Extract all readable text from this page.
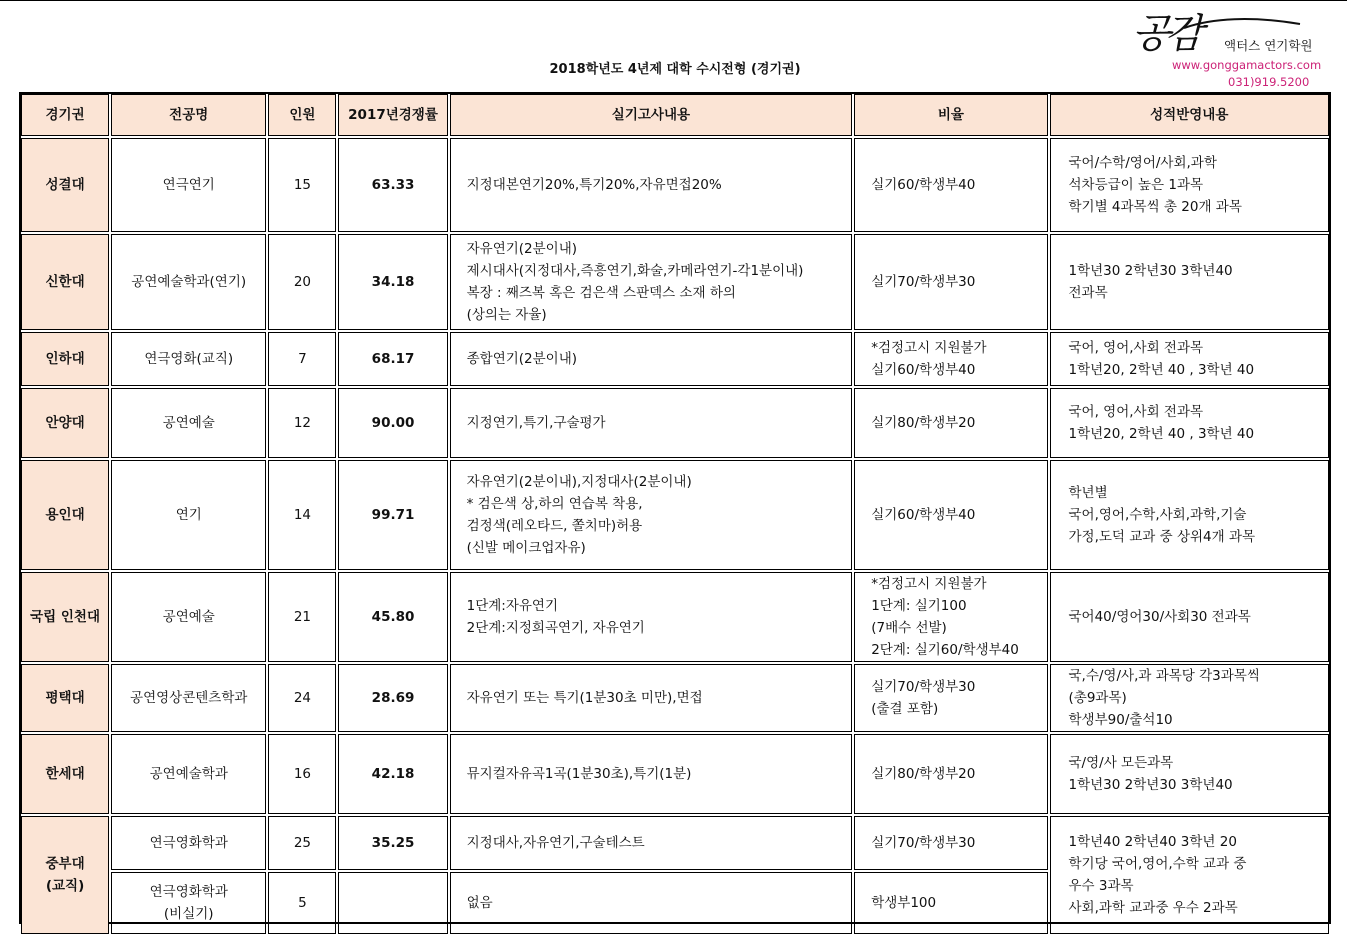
2018학년도 4년제 대학 수시전형 (경기권)
공감 액터스 연기학원
www.gonggamactors.com
031)919.5200
경기권	전공명	인원	2017년경쟁률	실기고사내용	비율	성적반영내용
성결대	연극연기	15	63.33	지정대본연기20%,특기20%,자유면접20%	실기60/학생부40	국어/수학/영어/사회,과학
석차등급이 높은 1과목
학기별 4과목씩 총 20개 과목

신한대	공연예술학과(연기)	20	34.18	자유연기(2분이내)
제시대사(지정대사,즉흥연기,화술,카메라연기-각1분이내)
복장 : 째즈복 혹은 검은색 스판덱스 소재 하의
(상의는 자율)	실기70/학생부30	1학년30 2학년30 3학년40
전과목

인하대	연극영화(교직)	7	68.17	종합연기(2분이내)	*검정고시 지원불가
실기60/학생부40	국어, 영어,사회 전과목
1학년20, 2학년 40 , 3학년 40

안양대	공연예술	12	90.00	지정연기,특기,구술평가	실기80/학생부20	국어, 영어,사회 전과목
1학년20, 2학년 40 , 3학년 40

용인대	연기	14	99.71	자유연기(2분이내),지정대사(2분이내)
* 검은색 상,하의 연습복 착용,
검정색(레오타드, 쫄치마)허용
(신발 메이크업자유)	실기60/학생부40	학년별
국어,영어,수학,사회,과학,기술
가정,도덕 교과 중 상위4개 과목

국립 인천대	공연예술	21	45.80	1단계:자유연기
2단계:지정희곡연기, 자유연기	*검정고시 지원불가
1단계: 실기100
(7배수 선발)
2단계: 실기60/학생부40	국어40/영어30/사회30 전과목

평택대	공연영상콘텐츠학과	24	28.69	자유연기 또는 특기(1분30초 미만),면접	실기70/학생부30
(출결 포함)	국,수/영/사,과 과목당 각3과목씩
(총9과목)
학생부90/출석10

한세대	공연예술학과	16	42.18	뮤지컬자유곡1곡(1분30초),특기(1분)	실기80/학생부20	국/영/사 모든과목
1학년30 2학년30 3학년40

중부대
(교직)	연극영화학과	25	35.25	지정대사,자유연기,구술테스트	실기70/학생부30	1학년40 2학년40 3학년 20
학기당 국어,영어,수학 교과 중
우수 3과목
사회,과학 교과중 우수 2과목

	연극영화학과
(비실기)	5		없음	학생부100	
